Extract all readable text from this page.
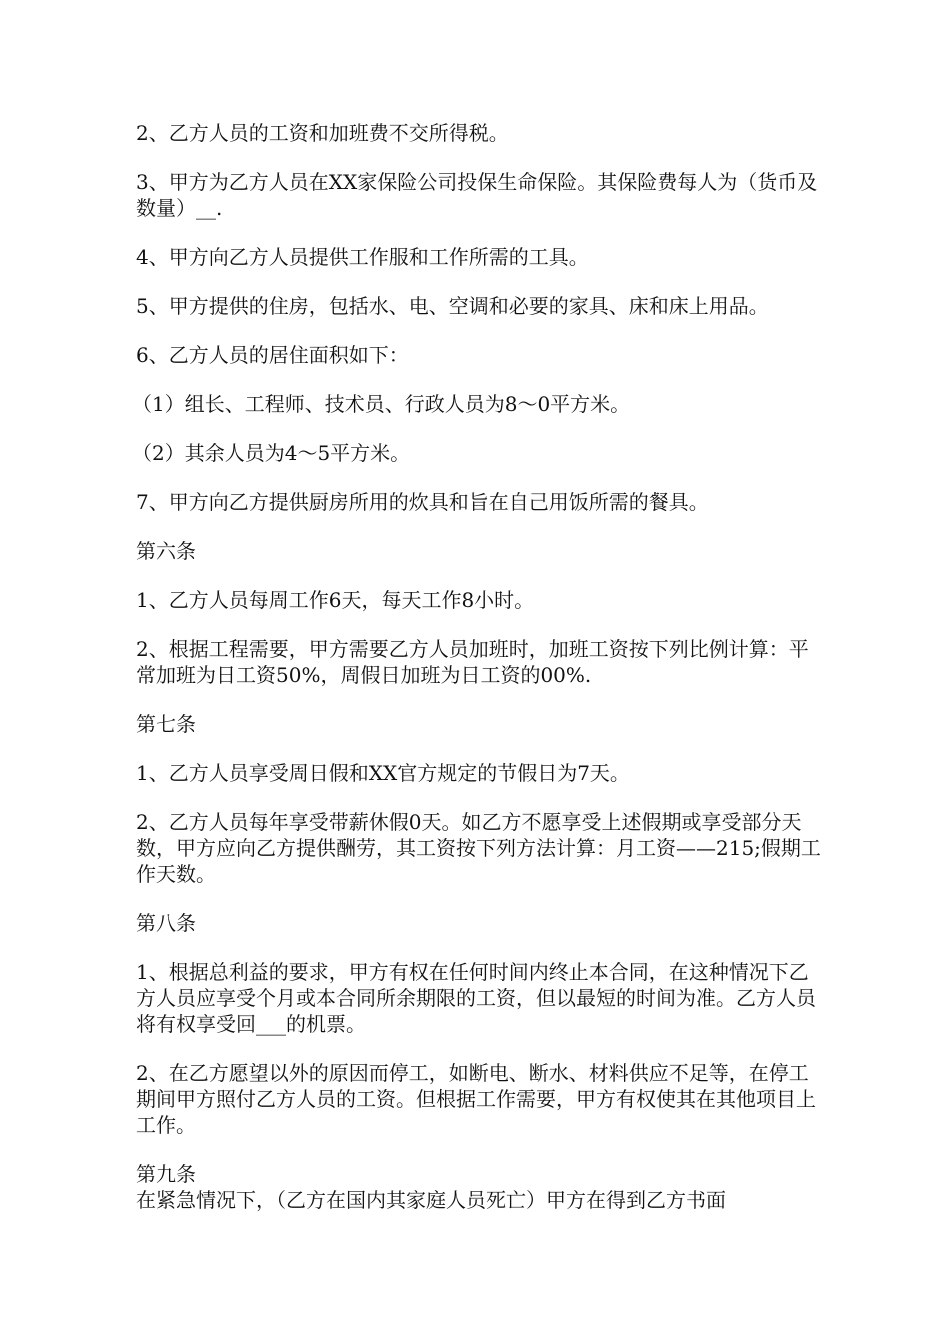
2、乙方人员的工资和加班费不交所得税。

3、甲方为乙方人员在XX家保险公司投保生命保险。其保险费每人为（货币及数量）__.

4、甲方向乙方人员提供工作服和工作所需的工具。

5、甲方提供的住房，包括水、电、空调和必要的家具、床和床上用品。

6、乙方人员的居住面积如下：

（1）组长、工程师、技术员、行政人员为8～0平方米。

（2）其余人员为4～5平方米。

7、甲方向乙方提供厨房所用的炊具和旨在自己用饭所需的餐具。

第六条

1、乙方人员每周工作6天，每天工作8小时。

2、根据工程需要，甲方需要乙方人员加班时，加班工资按下列比例计算：平常加班为日工资50%，周假日加班为日工资的00%.

第七条

1、乙方人员享受周日假和XX官方规定的节假日为7天。

2、乙方人员每年享受带薪休假0天。如乙方不愿享受上述假期或享受部分天数，甲方应向乙方提供酬劳，其工资按下列方法计算：月工资——215;假期工作天数。

第八条

1、根据总利益的要求，甲方有权在任何时间内终止本合同，在这种情况下乙方人员应享受个月或本合同所余期限的工资，但以最短的时间为准。乙方人员将有权享受回___的机票。

2、在乙方愿望以外的原因而停工，如断电、断水、材料供应不足等，在停工期间甲方照付乙方人员的工资。但根据工作需要，甲方有权使其在其他项目上工作。

第九条

在紧急情况下，（乙方在国内其家庭人员死亡）甲方在得到乙方书面
